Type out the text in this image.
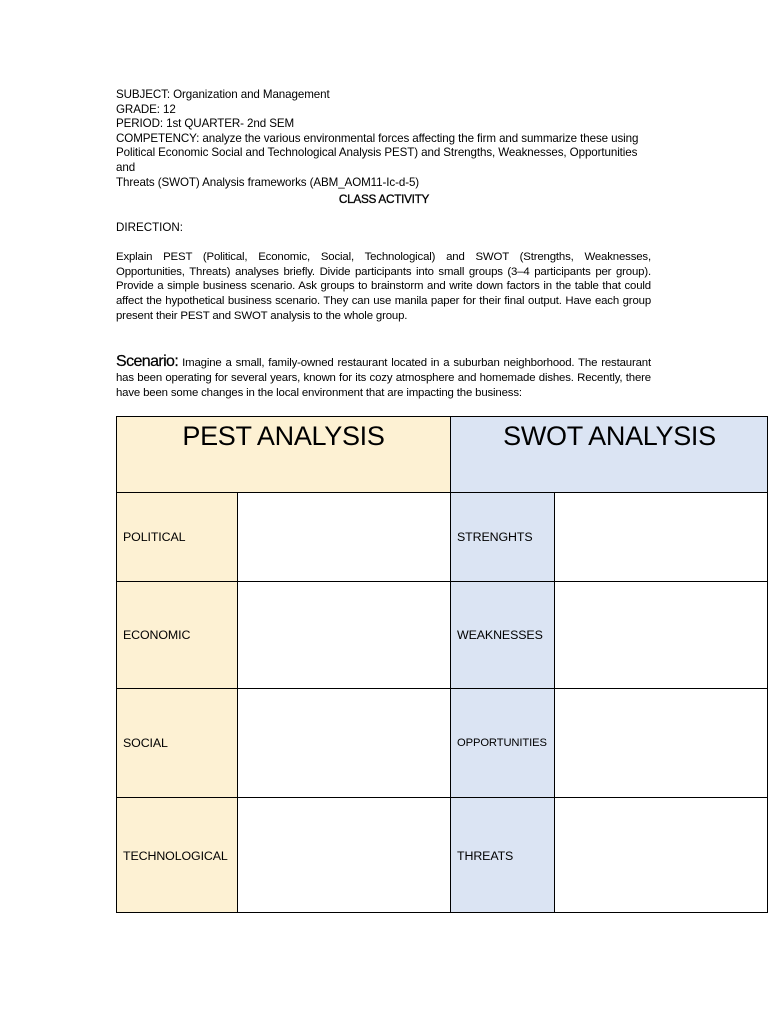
SUBJECT: Organization and Management
GRADE: 12
PERIOD: 1st QUARTER- 2nd SEM
COMPETENCY: analyze the various environmental forces affecting the firm and summarize these using
Political Economic Social and Technological Analysis PEST) and Strengths, Weaknesses, Opportunities and
Threats (SWOT) Analysis frameworks (ABM_AOM11-Ic-d-5)
CLASS ACTIVITY
DIRECTION:
Explain PEST (Political, Economic, Social, Technological) and SWOT (Strengths, Weaknesses, Opportunities, Threats) analyses briefly. Divide participants into small groups (3–4 participants per group). Provide a simple business scenario. Ask groups to brainstorm and write down factors in the table that could affect the hypothetical business scenario. They can use manila paper for their final output. Have each group present their PEST and SWOT analysis to the whole group.
Scenario: Imagine a small, family-owned restaurant located in a suburban neighborhood. The restaurant has been operating for several years, known for its cozy atmosphere and homemade dishes. Recently, there have been some changes in the local environment that are impacting the business:
PEST ANALYSIS	SWOT ANALYSIS
POLITICAL	STRENGHTS
ECONOMIC	WEAKNESSES
SOCIAL	OPPORTUNITIES
TECHNOLOGICAL	THREATS
